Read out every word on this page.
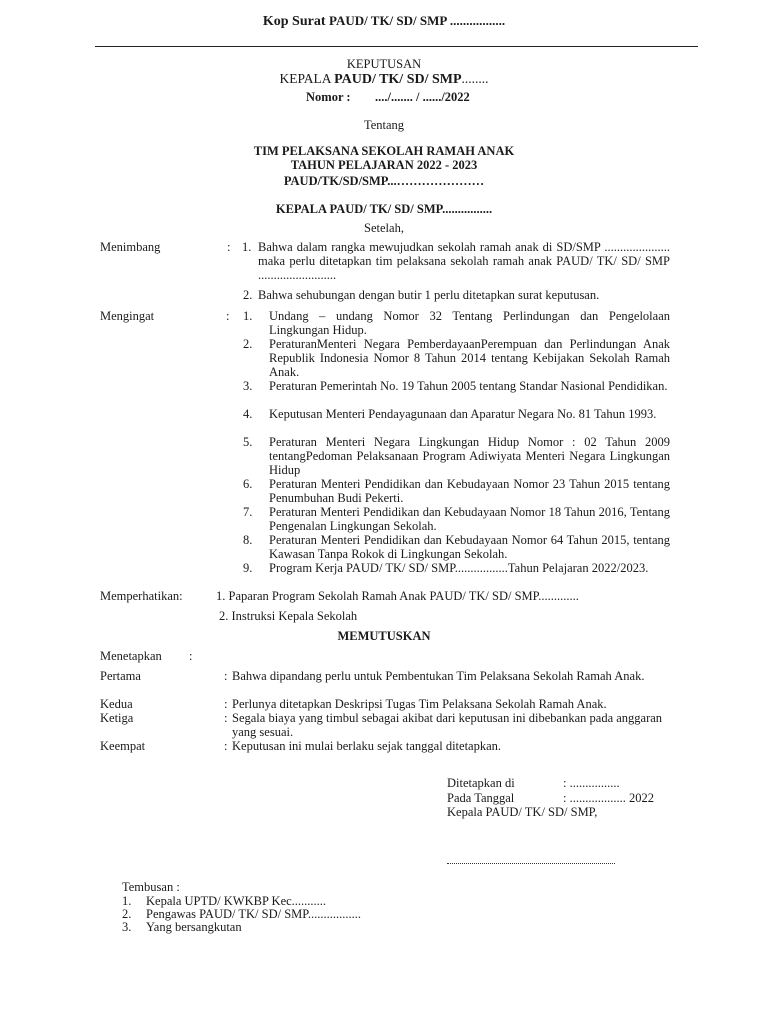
Kop Surat PAUD/ TK/ SD/ SMP .................
KEPUTUSAN
KEPALA PAUD/ TK/ SD/ SMP........
Nomor : ..../....... / ....../2022
Tentang
TIM PELAKSANA SEKOLAH RAMAH ANAK
TAHUN PELAJARAN 2022 - 2023
PAUD/TK/SD/SMP...…………………
KEPALA PAUD/ TK/ SD/ SMP................
Setelah,
Menimbang	: 1. Bahwa dalam rangka mewujudkan sekolah ramah anak di SD/SMP ..................... maka perlu ditetapkan tim pelaksana sekolah ramah anak PAUD/ TK/ SD/ SMP .........................
2. Bahwa sehubungan dengan butir 1 perlu ditetapkan surat keputusan.
Mengingat	: 1. Undang – undang Nomor 32 Tentang Perlindungan dan Pengelolaan Lingkungan Hidup.
2. PeraturanMenteri Negara PemberdayaanPerempuan dan Perlindungan Anak Republik Indonesia Nomor 8 Tahun 2014 tentang Kebijakan Sekolah Ramah Anak.
3. Peraturan Pemerintah No. 19 Tahun 2005 tentang Standar Nasional Pendidikan.
4. Keputusan Menteri Pendayagunaan dan Aparatur Negara No. 81 Tahun 1993.
5. Peraturan Menteri Negara Lingkungan Hidup Nomor : 02 Tahun 2009 tentangPedoman Pelaksanaan Program Adiwiyata Menteri Negara Lingkungan Hidup
6. Peraturan Menteri Pendidikan dan Kebudayaan Nomor 23 Tahun 2015 tentang Penumbuhan Budi Pekerti.
7. Peraturan Menteri Pendidikan dan Kebudayaan Nomor 18 Tahun 2016, Tentang Pengenalan Lingkungan Sekolah.
8. Peraturan Menteri Pendidikan dan Kebudayaan Nomor 64 Tahun 2015, tentang Kawasan Tanpa Rokok di Lingkungan Sekolah.
9. Program Kerja PAUD/ TK/ SD/ SMP.................Tahun Pelajaran 2022/2023.
Memperhatikan:	1. Paparan Program Sekolah Ramah Anak PAUD/ TK/ SD/ SMP.............
2. Instruksi Kepala Sekolah
MEMUTUSKAN
Menetapkan :
Pertama	: Bahwa dipandang perlu untuk Pembentukan Tim Pelaksana Sekolah Ramah Anak.
Kedua	: Perlunya ditetapkan Deskripsi Tugas Tim Pelaksana Sekolah Ramah Anak.
Ketiga	: Segala biaya yang timbul sebagai akibat dari keputusan ini dibebankan pada anggaran yang sesuai.
Keempat	: Keputusan ini mulai berlaku sejak tanggal ditetapkan.
Ditetapkan di	: ................
Pada Tanggal	: .................. 2022
Kepala PAUD/ TK/ SD/ SMP,
Tembusan :
1. Kepala UPTD/ KWKBP Kec...........
2. Pengawas PAUD/ TK/ SD/ SMP.................
3. Yang bersangkutan
